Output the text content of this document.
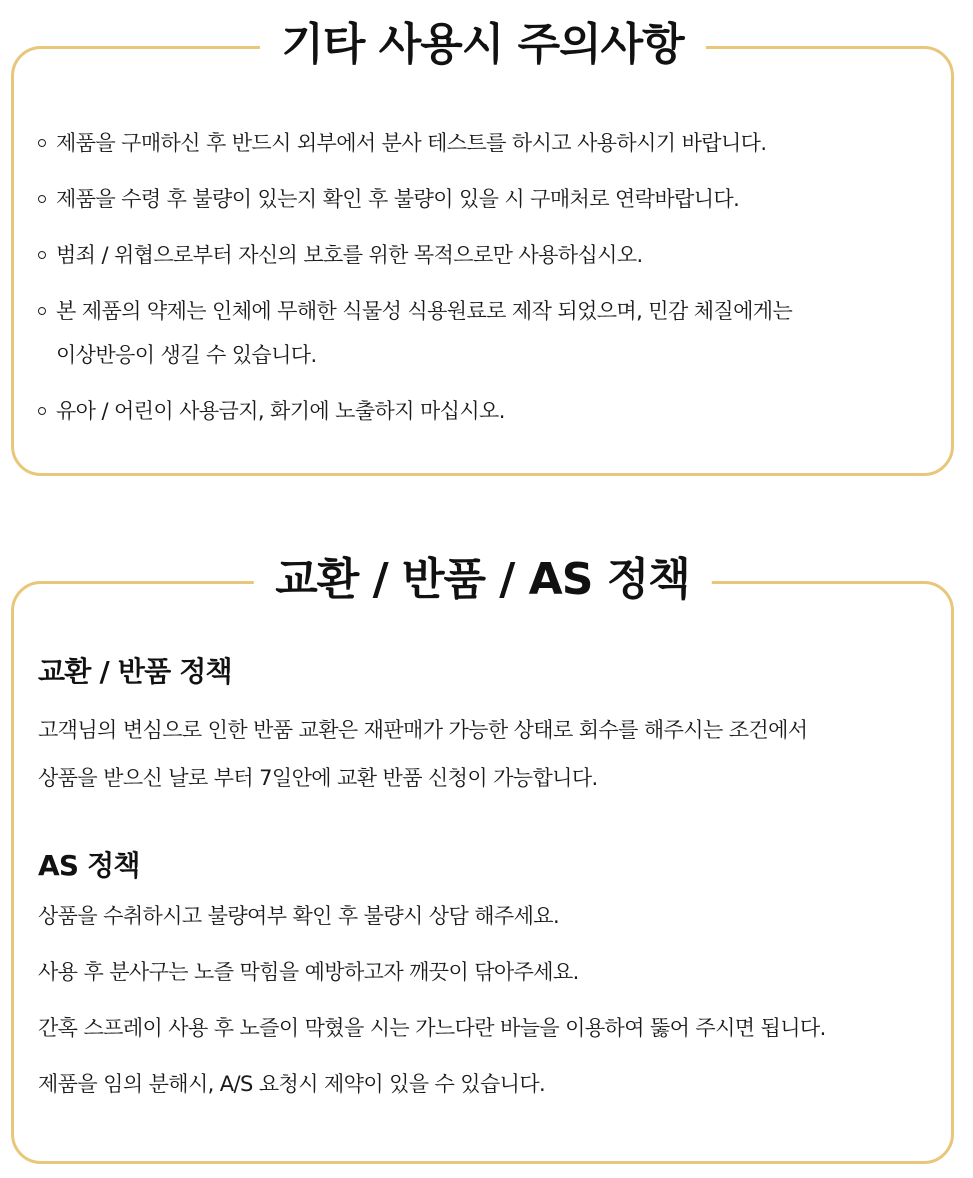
기타 사용시 주의사항
제품을 구매하신 후 반드시 외부에서 분사 테스트를 하시고 사용하시기 바랍니다.
제품을 수령 후 불량이 있는지 확인 후 불량이 있을 시 구매처로 연락바랍니다.
범죄 / 위협으로부터 자신의 보호를 위한 목적으로만 사용하십시오.
본 제품의 약제는 인체에 무해한 식물성 식용원료로 제작 되었으며, 민감 체질에게는
이상반응이 생길 수 있습니다.
유아 / 어린이 사용금지, 화기에 노출하지 마십시오.
교환 / 반품 / AS 정책
교환 / 반품 정책

고객님의 변심으로 인한 반품 교환은 재판매가 가능한 상태로 회수를 해주시는 조건에서
상품을 받으신 날로 부터 7일안에 교환 반품 신청이 가능합니다.

AS 정책
상품을 수취하시고 불량여부 확인 후 불량시 상담 해주세요.
사용 후 분사구는 노즐 막힘을 예방하고자 깨끗이 닦아주세요.
간혹 스프레이 사용 후 노즐이 막혔을 시는 가느다란 바늘을 이용하여 뚫어 주시면 됩니다.
제품을 임의 분해시, A/S 요청시 제약이 있을 수 있습니다.
